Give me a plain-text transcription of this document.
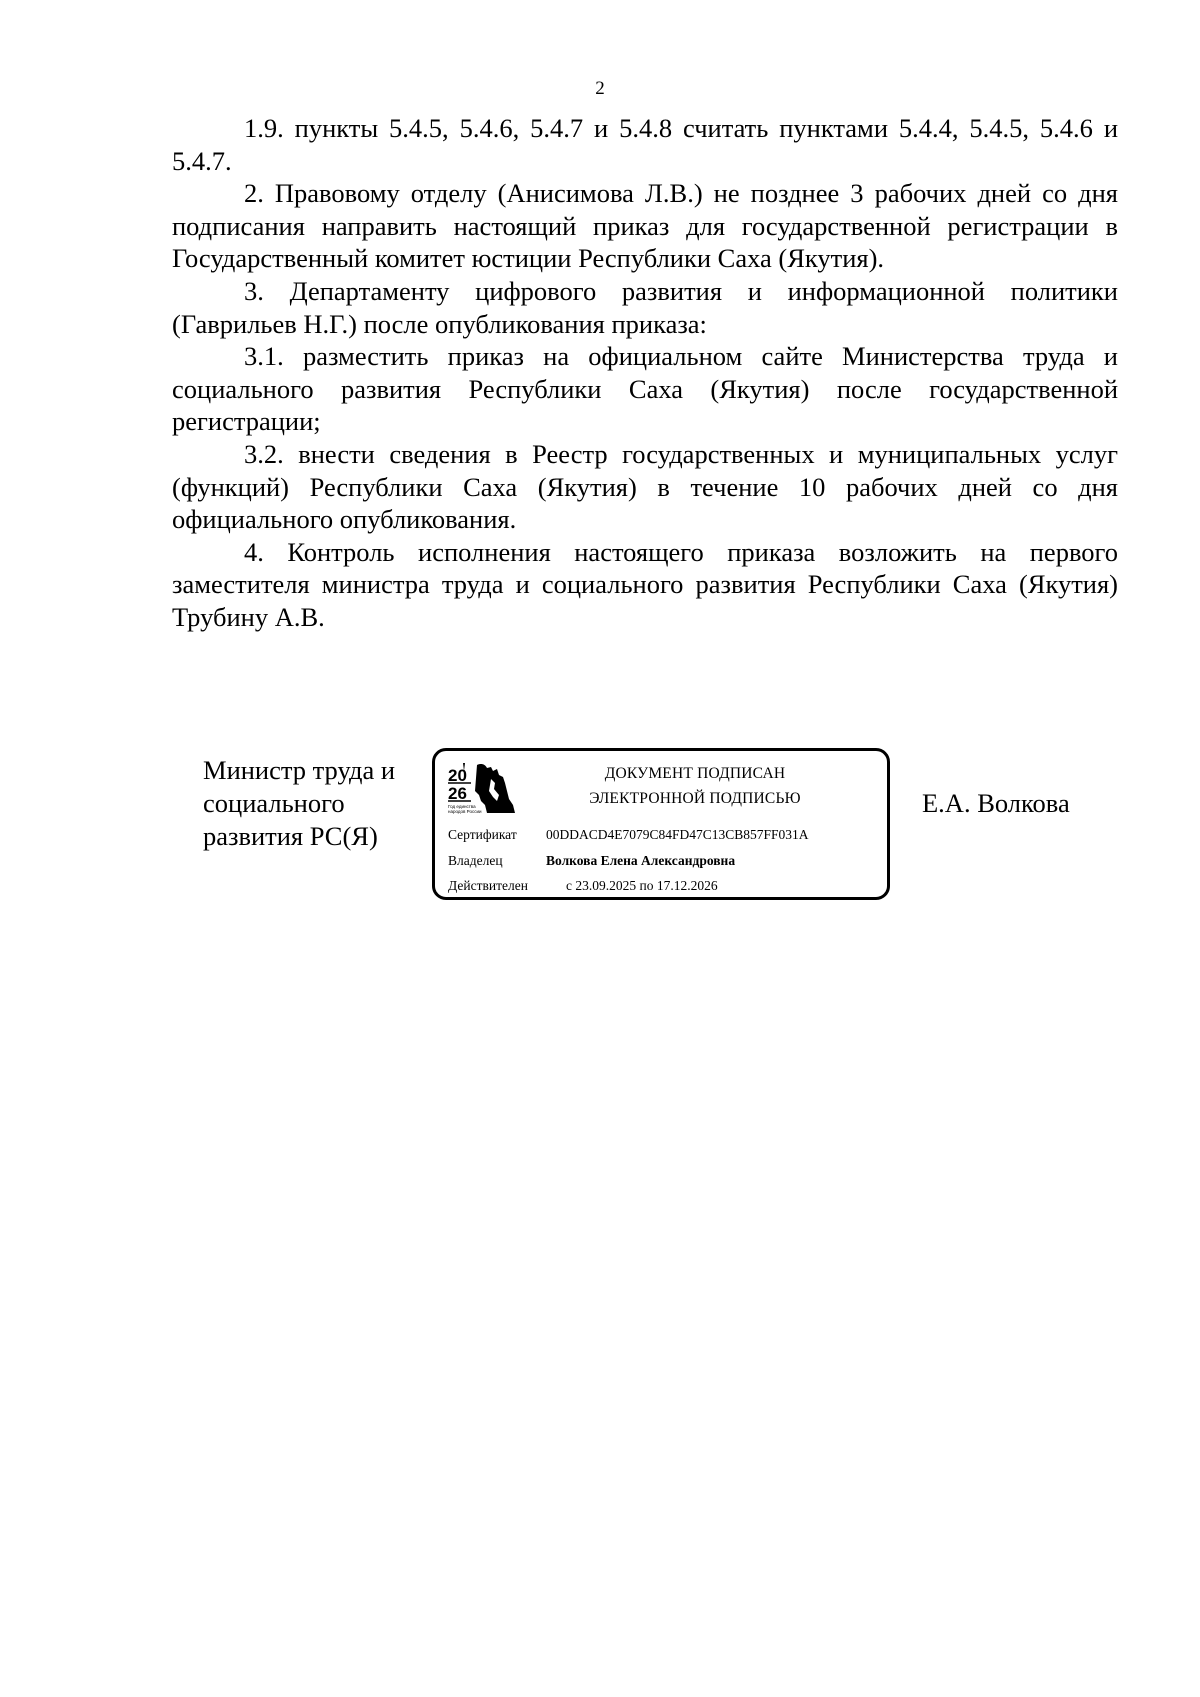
2

1.9. пункты 5.4.5, 5.4.6, 5.4.7 и 5.4.8 считать пунктами 5.4.4, 5.4.5, 5.4.6 и 5.4.7.

2. Правовому отделу (Анисимова Л.В.) не позднее 3 рабочих дней со дня подписания направить настоящий приказ для государственной регистрации в Государственный комитет юстиции Республики Саха (Якутия).

3. Департаменту цифрового развития и информационной политики (Гаврильев Н.Г.) после опубликования приказа:

3.1. разместить приказ на официальном сайте Министерства труда и социального развития Республики Саха (Якутия) после государственной регистрации;

3.2. внести сведения в Реестр государственных и муниципальных услуг (функций) Республики Саха (Якутия) в течение 10 рабочих дней со дня официального опубликования.

4. Контроль исполнения настоящего приказа возложить на первого заместителя министра труда и социального развития Республики Саха (Якутия) Трубину А.В.

Министр труда и
социального
развития РС(Я)
20
26
Год единства
народов России
ДОКУМЕНТ ПОДПИСАН
ЭЛЕКТРОННОЙ ПОДПИСЬЮ
Сертификат 00DDACD4E7079C84FD47C13CB857FF031A
Владелец	Волкова Елена Александровна
Действителен	с 23.09.2025 по 17.12.2026
Е.А. Волкова
